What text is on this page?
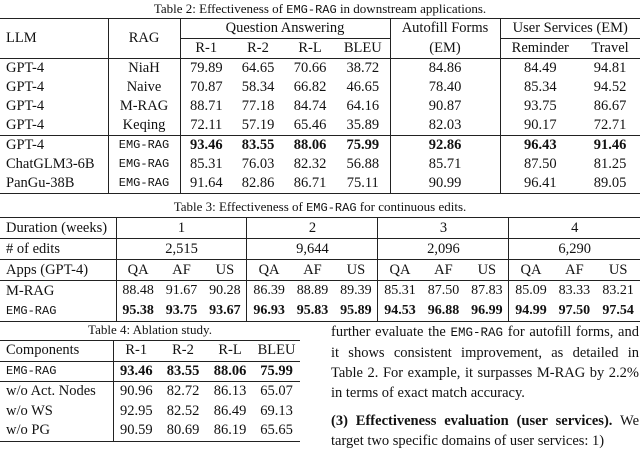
Table 2: Effectiveness of EMG-RAG in downstream applications.
LLM	RAG	Question Answering				Autofill Forms	User Services (EM)	
		R-1	R-2	R-L	BLEU	(EM)	Reminder	Travel
GPT-4	NiaH	79.89	64.65	70.66	38.72	84.86	84.49	94.81
GPT-4	Naive	70.87	58.34	66.82	46.65	78.40	85.34	94.52
GPT-4	M-RAG	88.71	77.18	84.74	64.16	90.87	93.75	86.67
GPT-4	Keqing	72.11	57.19	65.46	35.89	82.03	90.17	72.71
GPT-4	EMG-RAG	93.46	83.55	88.06	75.99	92.86	96.43	91.46
ChatGLM3-6B	EMG-RAG	85.31	76.03	82.32	56.88	85.71	87.50	81.25
PanGu-38B	EMG-RAG	91.64	82.86	86.71	75.11	90.99	96.41	89.05
Table 3: Effectiveness of EMG-RAG for continuous edits.
Duration (weeks)	1			2			3			4		
# of edits	2,515			9,644			2,096			6,290		
Apps (GPT-4)	QA	AF	US	QA	AF	US	QA	AF	US	QA	AF	US
M-RAG	88.48	91.67	90.28	86.39	88.89	89.39	85.31	87.50	87.83	85.09	83.33	83.21
EMG-RAG	95.38	93.75	93.67	96.93	95.83	95.89	94.53	96.88	96.99	94.99	97.50	97.54
Table 4: Ablation study.
Components	R-1	R-2	R-L	BLEU
EMG-RAG	93.46	83.55	88.06	75.99
w/o Act. Nodes	90.96	82.72	86.13	65.07
w/o WS	92.95	82.52	86.49	69.13
w/o PG	90.59	80.69	86.19	65.65

further evaluate the EMG-RAG for autofill forms, and it shows consistent improvement, as detailed in Table 2. For example, it surpasses M-RAG by 2.2% in terms of exact match accuracy.

(3) Effectiveness evaluation (user services). We target two specific domains of user services: 1)
